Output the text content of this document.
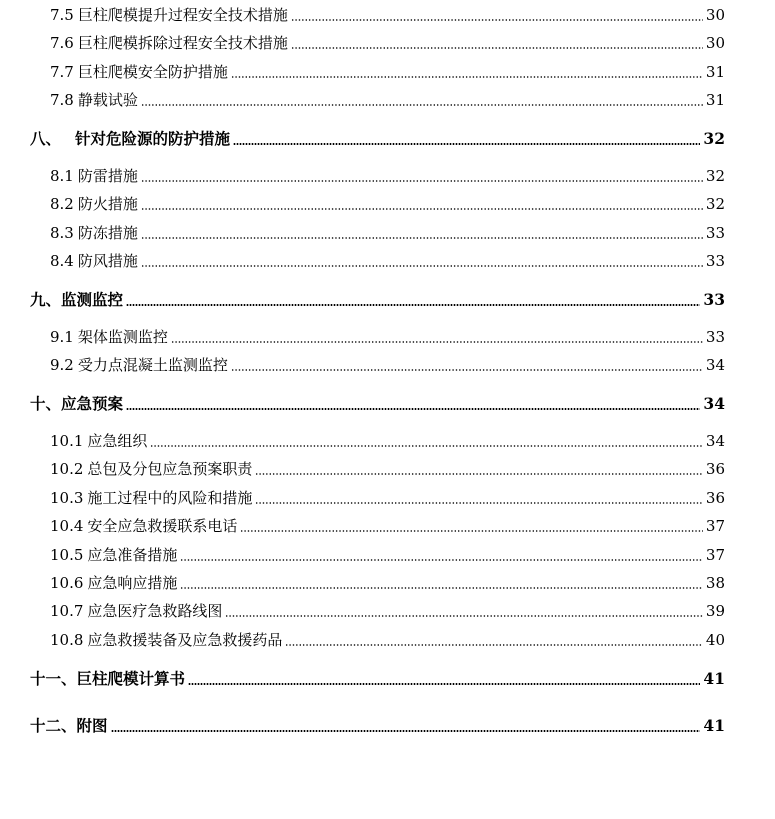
7.5 巨柱爬模提升过程安全技术措施	30
7.6 巨柱爬模拆除过程安全技术措施	30
7.7 巨柱爬模安全防护措施	31
7.8 静载试验	31
八、 针对危险源的防护措施	32
8.1 防雷措施	32
8.2 防火措施	32
8.3 防冻措施	33
8.4 防风措施	33
九、 监测监控	33
9.1 架体监测监控	33
9.2 受力点混凝土监测监控	34
十、 应急预案	34
10.1 应急组织	34
10.2 总包及分包应急预案职责	36
10.3 施工过程中的风险和措施	36
10.4 安全应急救援联系电话	37
10.5 应急准备措施	37
10.6 应急响应措施	38
10.7 应急医疗急救路线图	39
10.8 应急救援装备及应急救援药品	40
十一、 巨柱爬模计算书	41
十二、 附图	41
